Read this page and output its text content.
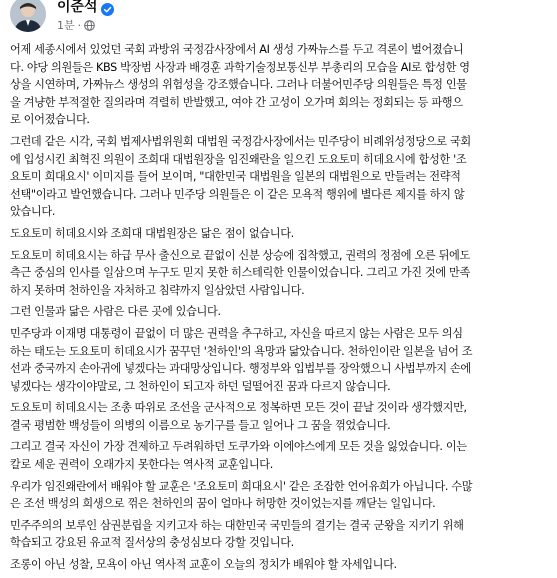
이준석
1분 ·

어제 세종시에서 있었던 국회 과방위 국정감사장에서 AI 생성 가짜뉴스를 두고 격론이 벌어졌습니

다. 야당 의원들은 KBS 박장범 사장과 배경훈 과학기술정보통신부 부총리의 모습을 AI로 합성한 영

상을 시연하며, 가짜뉴스 생성의 위험성을 강조했습니다. 그러나 더불어민주당 의원들은 특정 인물

을 겨냥한 부적절한 질의라며 격렬히 반발했고, 여야 간 고성이 오가며 회의는 정회되는 등 파행으

로 이어졌습니다.

그런데 같은 시각, 국회 법제사법위원회 대법원 국정감사장에서는 민주당이 비례위성정당으로 국회

에 입성시킨 최혁진 의원이 조희대 대법원장을 임진왜란을 일으킨 도요토미 히데요시에 합성한 '조

요토미 희대요시' 이미지를 들어 보이며, "대한민국 대법원을 일본의 대법원으로 만들려는 전략적

선택"이라고 발언했습니다. 그러나 민주당 의원들은 이 같은 모욕적 행위에 별다른 제지를 하지 않

았습니다.

도요토미 히데요시와 조희대 대법원장은 닮은 점이 없습니다.

도요토미 히데요시는 하급 무사 출신으로 끝없이 신분 상승에 집착했고, 권력의 정점에 오른 뒤에도

측근 중심의 인사를 일삼으며 누구도 믿지 못한 히스테릭한 인물이었습니다. 그리고 가진 것에 만족

하지 못하며 천하인을 자처하고 침략까지 일삼았던 사람입니다.

그런 인물과 닮은 사람은 다른 곳에 있습니다.

민주당과 이재명 대통령이 끝없이 더 많은 권력을 추구하고, 자신을 따르지 않는 사람은 모두 의심

하는 태도는 도요토미 히데요시가 꿈꾸던 '천하인'의 욕망과 닮았습니다. 천하인이란 일본을 넘어 조

선과 중국까지 손아귀에 넣겠다는 과대망상입니다. 행정부와 입법부를 장악했으니 사법부까지 손에

넣겠다는 생각이야말로, 그 천하인이 되고자 하던 덜떨어진 꿈과 다르지 않습니다.

도요토미 히데요시는 조총 따위로 조선을 군사적으로 정복하면 모든 것이 끝날 것이라 생각했지만,

결국 평범한 백성들이 의병의 이름으로 농기구를 들고 일어나 그 꿈을 꺾었습니다.

그리고 결국 자신이 가장 견제하고 두려워하던 도쿠가와 이에야스에게 모든 것을 잃었습니다. 이는

칼로 세운 권력이 오래가지 못한다는 역사적 교훈입니다.

우리가 임진왜란에서 배워야 할 교훈은 '조요토미 희대요시' 같은 조잡한 언어유희가 아닙니다. 수많

은 조선 백성의 희생으로 꺾은 천하인의 꿈이 얼마나 허망한 것이었는지를 깨닫는 일입니다.

민주주의의 보루인 삼권분립을 지키고자 하는 대한민국 국민들의 결기는 결국 군왕을 지키기 위해

학습되고 강요된 유교적 질서상의 충성심보다 강할 것입니다.

조롱이 아닌 성찰, 모욕이 아닌 역사적 교훈이 오늘의 정치가 배워야 할 자세입니다.
